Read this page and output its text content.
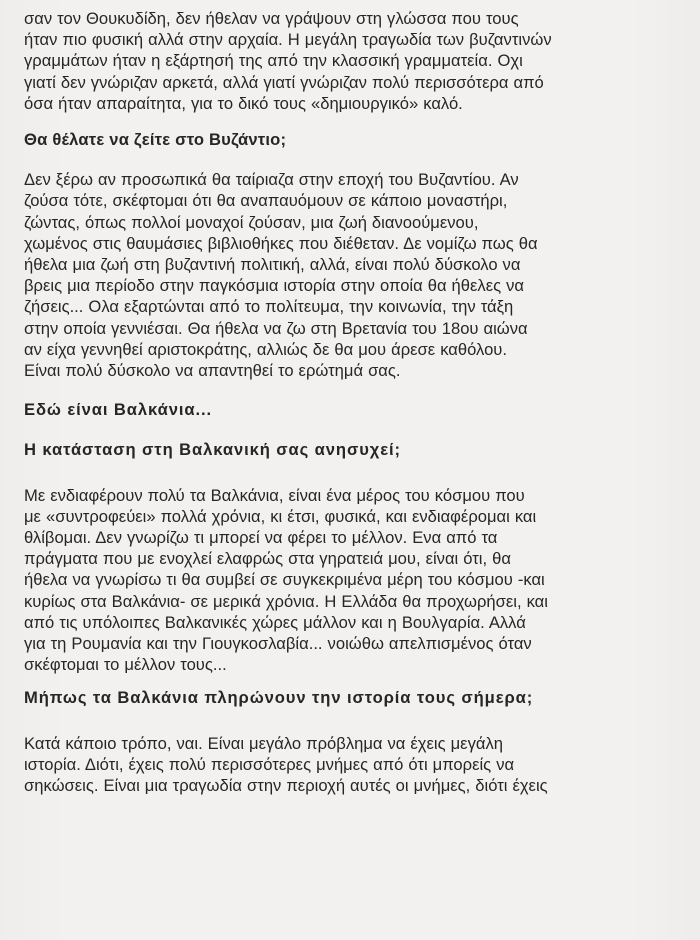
σαν τον Θουκυδίδη, δεν ήθελαν να γράψουν στη γλώσσα που τους
ήταν πιο φυσική αλλά στην αρχαία. Η μεγάλη τραγωδία των βυζαντινών
γραμμάτων ήταν η εξάρτησή της από την κλασσική γραμματεία. Οχι
γιατί δεν γνώριζαν αρκετά, αλλά γιατί γνώριζαν πολύ περισσότερα από
όσα ήταν απαραίτητα, για το δικό τους «δημιουργικό» καλό.

Θα θέλατε να ζείτε στο Βυζάντιο;

Δεν ξέρω αν προσωπικά θα ταίριαζα στην εποχή του Βυζαντίου. Αν
ζούσα τότε, σκέφτομαι ότι θα αναπαυόμουν σε κάποιο μοναστήρι,
ζώντας, όπως πολλοί μοναχοί ζούσαν, μια ζωή διανοούμενου,
χωμένος στις θαυμάσιες βιβλιοθήκες που διέθεταν. Δε νομίζω πως θα
ήθελα μια ζωή στη βυζαντινή πολιτική, αλλά, είναι πολύ δύσκολο να
βρεις μια περίοδο στην παγκόσμια ιστορία στην οποία θα ήθελες να
ζήσεις... Ολα εξαρτώνται από το πολίτευμα, την κοινωνία, την τάξη
στην οποία γεννιέσαι. Θα ήθελα να ζω στη Βρετανία του 18ου αιώνα
αν είχα γεννηθεί αριστοκράτης, αλλιώς δε θα μου άρεσε καθόλου.
Είναι πολύ δύσκολο να απαντηθεί το ερώτημά σας.

Εδώ είναι Βαλκάνια...
Η κατάσταση στη Βαλκανική σας ανησυχεί;

Με ενδιαφέρουν πολύ τα Βαλκάνια, είναι ένα μέρος του κόσμου που
με «συντροφεύει» πολλά χρόνια, κι έτσι, φυσικά, και ενδιαφέρομαι και
θλίβομαι. Δεν γνωρίζω τι μπορεί να φέρει το μέλλον. Ενα από τα
πράγματα που με ενοχλεί ελαφρώς στα γηρατειά μου, είναι ότι, θα
ήθελα να γνωρίσω τι θα συμβεί σε συγκεκριμένα μέρη του κόσμου -και
κυρίως στα Βαλκάνια- σε μερικά χρόνια. Η Ελλάδα θα προχωρήσει, και
από τις υπόλοιπες Βαλκανικές χώρες μάλλον και η Βουλγαρία. Αλλά
για τη Ρουμανία και την Γιουγκοσλαβία... νοιώθω απελπισμένος όταν
σκέφτομαι το μέλλον τους...

Μήπως τα Βαλκάνια πληρώνουν την ιστορία τους σήμερα;

Κατά κάποιο τρόπο, ναι. Είναι μεγάλο πρόβλημα να έχεις μεγάλη
ιστορία. Διότι, έχεις πολύ περισσότερες μνήμες από ότι μπορείς να
σηκώσεις. Είναι μια τραγωδία στην περιοχή αυτές οι μνήμες, διότι έχεις
